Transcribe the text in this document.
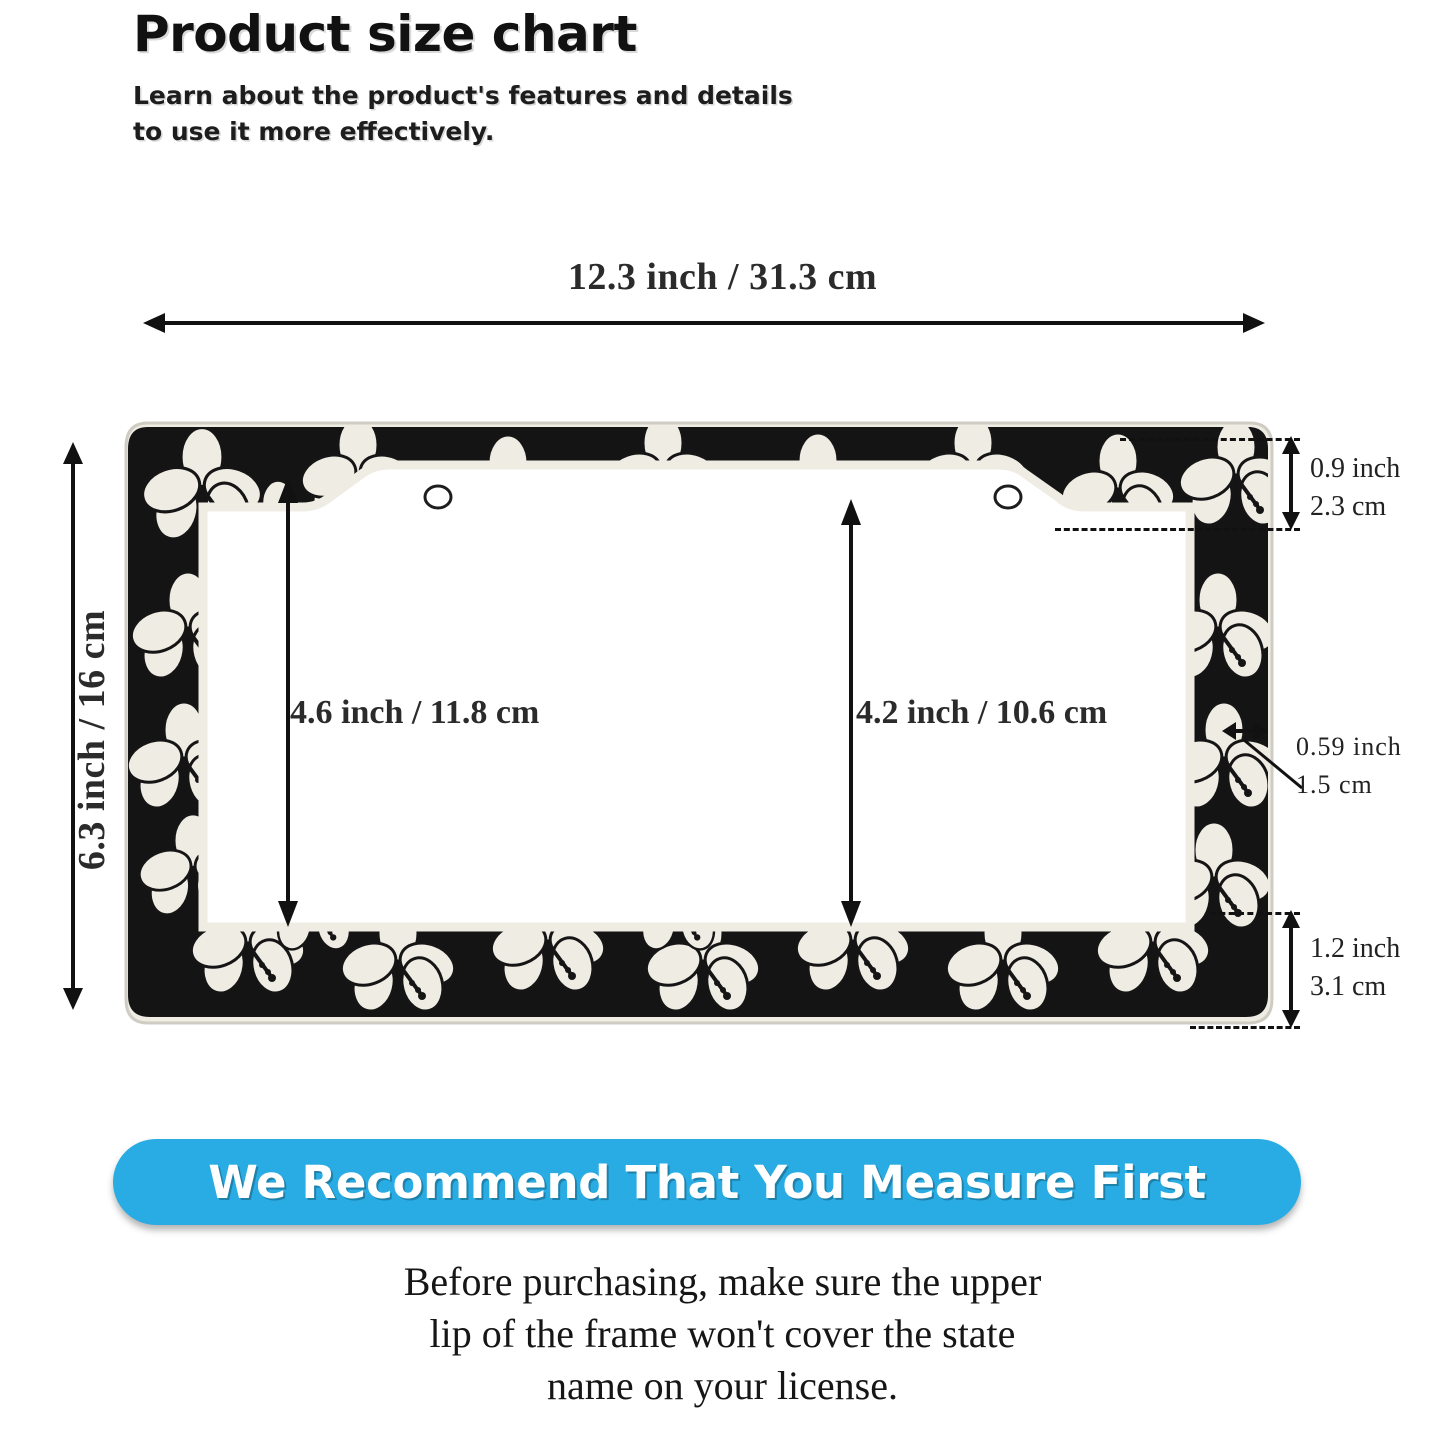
Product size chart
Learn about the product's features and details
to use it more effectively.
12.3 inch / 31.3 cm
6.3 inch / 16 cm	4.6 inch / 11.8 cm	4.2 inch / 10.6 cm
0.9 inch
2.3 cm
0.59 inch
1.5 cm
1.2 inch
3.1 cm
We Recommend That You Measure First
Before purchasing, make sure the upper
lip of the frame won't cover the state
name on your license.
